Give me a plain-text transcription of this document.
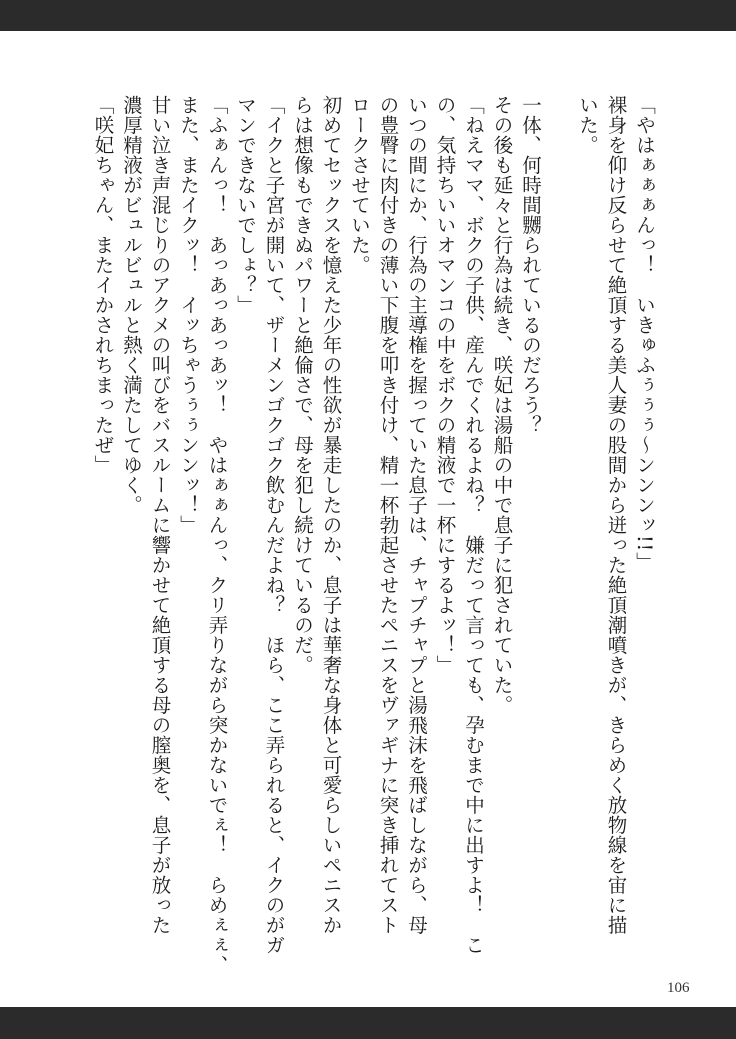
「やはぁぁぁんっ！　いきゅふぅぅぅ〜ンンンッ!!」
裸身を仰け反らせて絶頂する美人妻の股間から迸った絶頂潮噴きが、きらめく放物線を宙に描
いた。
一体、何時間嬲られているのだろう？
その後も延々と行為は続き、咲妃は湯船の中で息子に犯されていた。
「ねえママ、ボクの子供、産んでくれるよね？　嫌だって言っても、孕むまで中に出すよ！　こ
の、気持ちいいオマンコの中をボクの精液で一杯にするよッ！」
いつの間にか、行為の主導権を握っていた息子は、チャプチャプと湯飛沫を飛ばしながら、母
の豊臀に肉付きの薄い下腹を叩き付け、精一杯勃起させたペニスをヴァギナに突き挿れてスト
ロークさせていた。
初めてセックスを憶えた少年の性欲が暴走したのか、息子は華奢な身体と可愛らしいペニスか
らは想像もできぬパワーと絶倫さで、母を犯し続けているのだ。
「イクと子宮が開いて、ザーメンゴクゴク飲むんだよね？　ほら、ここ弄られると、イクのがガ
マンできないでしょ？」
「ふぁんっ！　あっあっあっあッ！　やはぁぁんっ、クリ弄りながら突かないでぇ！　らめぇぇ、
また、またイクッ！　イッちゃうぅぅンンッ！」
甘い泣き声混じりのアクメの叫びをバスルームに響かせて絶頂する母の膣奥を、息子が放った
濃厚精液がビュルビュルと熱く満たしてゆく。
「咲妃ちゃん、またイかされちまったぜ」
106
